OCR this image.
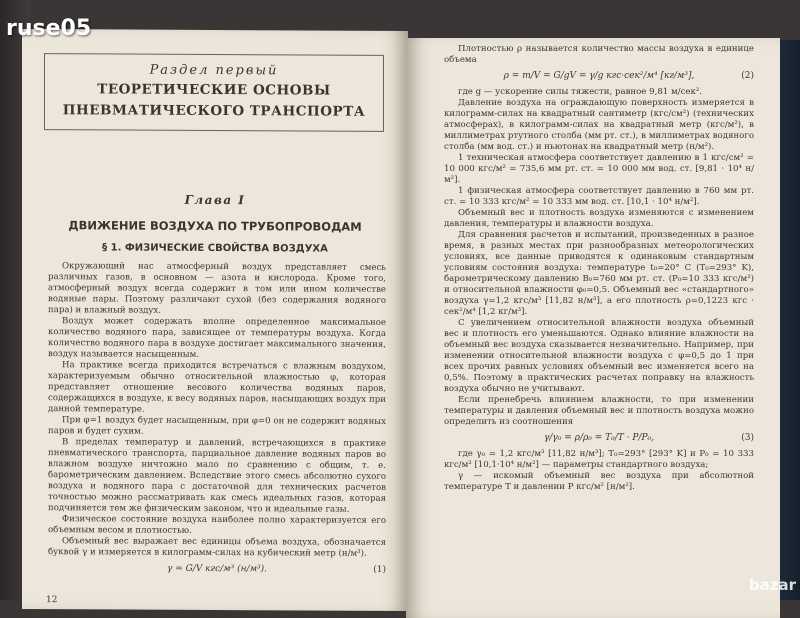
ruse05
Раздел первый
ТЕОРЕТИЧЕСКИЕ ОСНОВЫ
ПНЕВМАТИЧЕСКОГО ТРАНСПОРТА
Глава I
ДВИЖЕНИЕ ВОЗДУХА ПО ТРУБОПРОВОДАМ
§ 1. ФИЗИЧЕСКИЕ СВОЙСТВА ВОЗДУХА

Окружающий нас атмосферный воздух представляет смесь различных газов, в основном — азота и кислорода. Кроме того, атмосферный воздух всегда содержит в том или ином количестве водяные пары. Поэтому различают сухой (без содержания водяного пара) и влажный воздух.

Воздух может содержать вполне определенное максимальное количество водяного пара, зависящее от температуры воздуха. Когда количество водяного пара в воздухе достигает максимального значения, воздух называется насыщенным.

На практике всегда приходится встречаться с влажным воздухом, характеризуемым обычно относительной влажностью φ, которая представляет отношение весового количества водяных паров, содержащихся в воздухе, к весу водяных паров, насыщающих воздух при данной температуре.

При φ=1 воздух будет насыщенным, при φ=0 он не содержит водяных паров и будет сухим.

В пределах температур и давлений, встречающихся в практике пневматического транспорта, парциальное давление водяных паров во влажном воздухе ничтожно мало по сравнению с общим, т. е. барометрическим давлением. Вследствие этого смесь абсолютно сухого воздуха и водяного пара с достаточной для технических расчетов точностью можно рассматривать как смесь идеальных газов, которая подчиняется тем же физическим законом, что и идеальные газы.

Физическое состояние воздуха наиболее полно характеризуется его объемным весом и плотностью.

Объемный вес выражает вес единицы объема воздуха, обозначается буквой γ и измеряется в килограмм-силах на кубический метр (н/м³).

γ = G/V кгс/м³ (н/м³).	(1)
12

Плотностью ρ называется количество массы воздуха в единице объема

ρ = m/V = G/gV = γ/g кгс·сек²/м⁴ [кг/м³],	(2)

где g — ускорение силы тяжести, равное 9,81 м/сек².

Давление воздуха на ограждающую поверхность измеряется в килограмм-силах на квадратный сантиметр (кгс/см²) (технических атмосферах), в килограмм-силах на квадратный метр (кгс/м²), в миллиметрах ртутного столба (мм рт. ст.), в миллиметрах водяного столба (мм вод. ст.) и ньютонах на квадратный метр (н/м²).

1 техническая атмосфера соответствует давлению в 1 кгс/см² = 10 000 кгс/м² = 735,6 мм рт. ст. = 10 000 мм вод. ст. [9,81 · 10⁴ н/м²].

1 физическая атмосфера соответствует давлению в 760 мм рт. ст. = 10 333 кгс/м² = 10 333 мм вод. ст. [10,1 · 10⁴ н/м²].

Объемный вес и плотность воздуха изменяются с изменением давления, температуры и влажности воздуха.

Для сравнения расчетов и испытаний, произведенных в разное время, в разных местах при разнообразных метеорологических условиях, все данные приводятся к одинаковым стандартным условиям состояния воздуха: температуре t₀=20° C (T₀=293° K), барометрическому давлению B₀=760 мм рт. ст. (P₀=10 333 кгс/м²) и относительной влажности φ₀=0,5. Объемный вес «стандартного» воздуха γ=1,2 кгс/м³ [11,82 н/м³], а его плотность ρ=0,1223 кгс · сек²/м⁴ [1,2 кг/м³].

С увеличением относительной влажности воздуха объемный вес и плотность его уменьшаются. Однако влияние влажности на объемный вес воздуха сказывается незначительно. Например, при изменении относительной влажности воздуха с φ=0,5 до 1 при всех прочих равных условиях объемный вес изменяется всего на 0,5%. Поэтому в практических расчетах поправку на влажность воздуха обычно не учитывают.

Если пренебречь влиянием влажности, то при изменении температуры и давления объемный вес и плотность воздуха можно определить из соотношения

γ/γ₀ = ρ/ρ₀ = T₀/T · P/P₀,	(3)

где γ₀ = 1,2 кгс/м³ [11,82 н/м³]; T₀=293° [293° K] и P₀ = 10 333 кгс/м² [10,1·10⁴ н/м²] — параметры стандартного воздуха;

γ — искомый объемный вес воздуха при абсолютной температуре T и давлении P кгс/м² [н/м²].

bazar
